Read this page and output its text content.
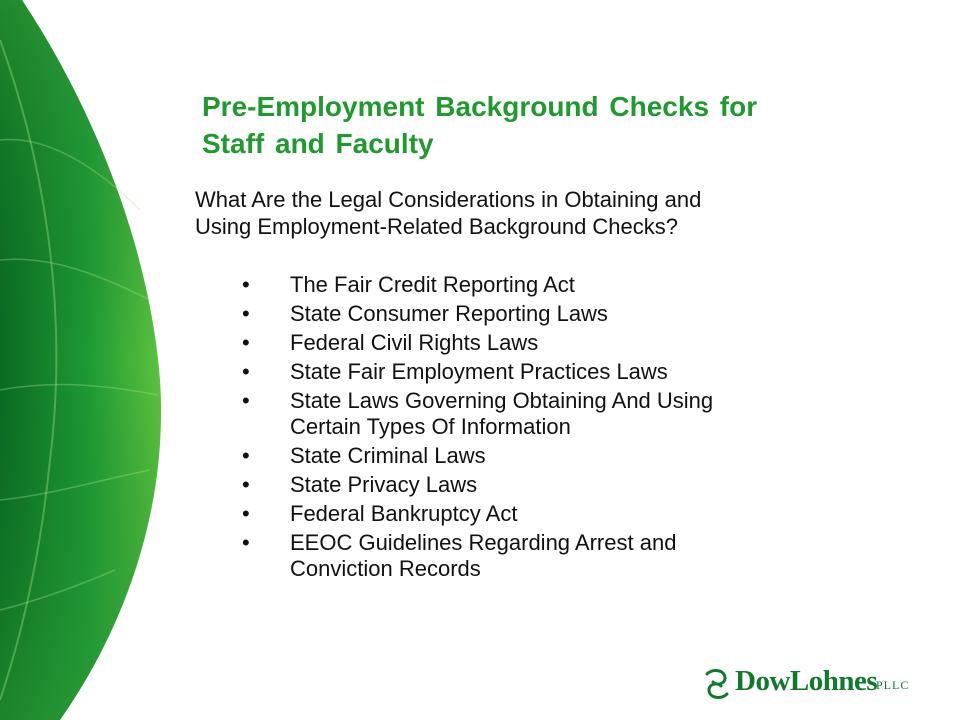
Pre-Employment Background Checks for
Staff and Faculty
What Are the Legal Considerations in Obtaining and
Using Employment-Related Background Checks?
• The Fair Credit Reporting Act
• State Consumer Reporting Laws
• Federal Civil Rights Laws
• State Fair Employment Practices Laws
• State Laws Governing Obtaining And Using
Certain Types Of Information
• State Criminal Laws
• State Privacy Laws
• Federal Bankruptcy Act
• EEOC Guidelines Regarding Arrest and
Conviction Records
DowLohnes
PLLC
